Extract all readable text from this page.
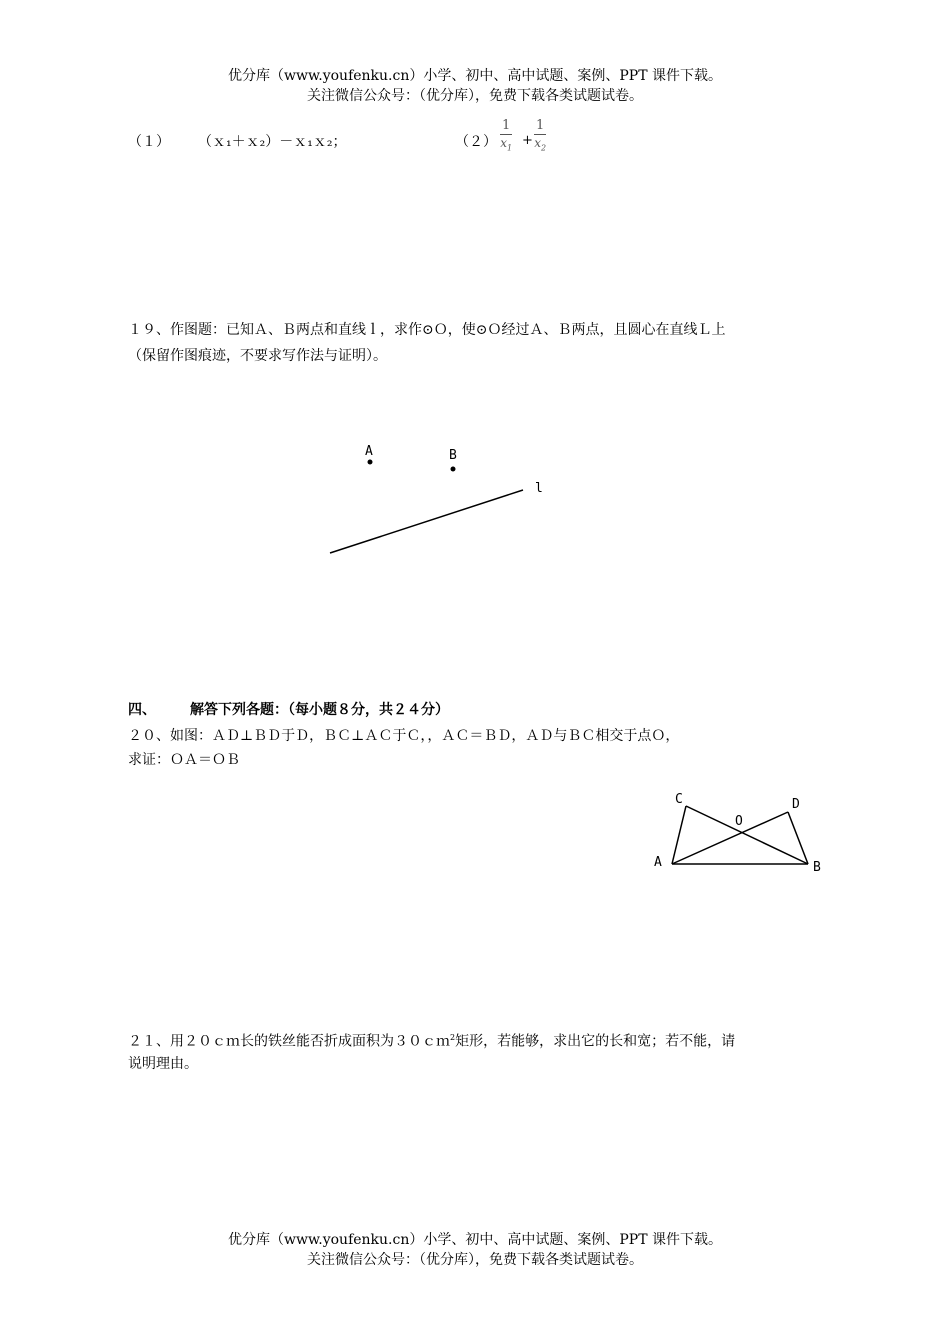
优分库（www.youfenku.cn）小学、初中、高中试题、案例、PPT 课件下载。
关注微信公众号：（优分库），免费下载各类试题试卷。
（１） （ｘ₁＋ｘ₂）－ｘ₁ｘ₂；	$(2) \frac{1}{x_1} + \frac{1}{x_2}$
１９、作图题：已知Ａ、Ｂ两点和直线ｌ，求作⊙Ｏ，使⊙Ｏ经过Ａ、Ｂ两点，且圆心在直线Ｌ上
（保留作图痕迹，不要求写作法与证明）。
四、 解答下列各题：（每小题８分，共２４分）
２０、如图：ＡＤ⊥ＢＤ于Ｄ，ＢＣ⊥ＡＣ于Ｃ，，ＡＣ＝ＢＤ，ＡＤ与ＢＣ相交于点Ｏ，
求证：ＯＡ＝ＯＢ
２１、用２０ｃｍ长的铁丝能否折成面积为３０ｃｍ$^2$矩形，若能够，求出它的长和宽；若不能，请
说明理由。
A	B
l
C	D
O
A	B
优分库（www.youfenku.cn）小学、初中、高中试题、案例、PPT 课件下载。
关注微信公众号：（优分库），免费下载各类试题试卷。
